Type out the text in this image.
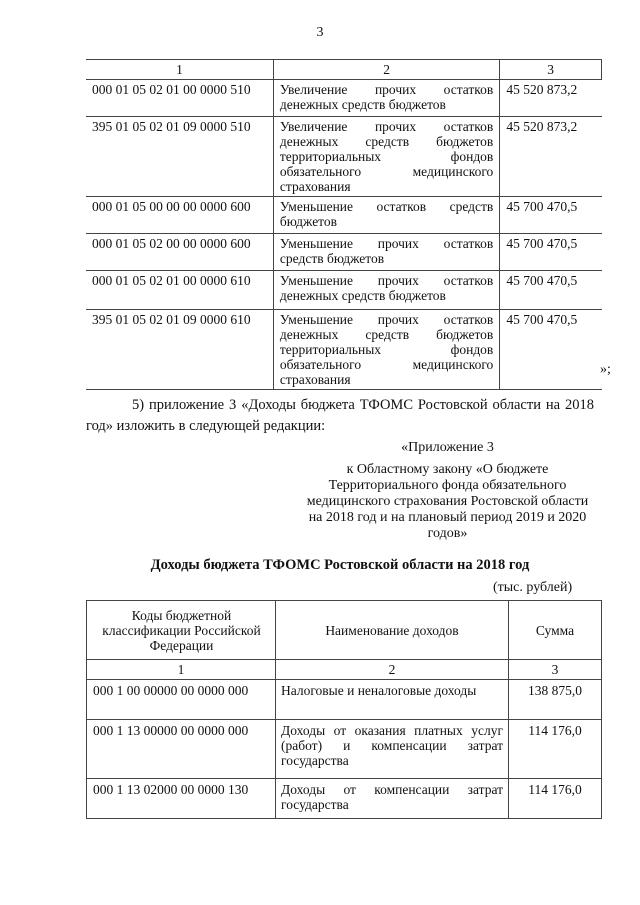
3
1	2	3
000 01 05 02 01 00 0000 510	Увеличение прочих остатков денежных средств бюджетов	45 520 873,2
395 01 05 02 01 09 0000 510	Увеличение прочих остатков денежных средств бюджетов территориальных фондов обязательного медицинского страхования	45 520 873,2
000 01 05 00 00 00 0000 600	Уменьшение остатков средств бюджетов	45 700 470,5
000 01 05 02 00 00 0000 600	Уменьшение прочих остатков средств бюджетов	45 700 470,5
000 01 05 02 01 00 0000 610	Уменьшение прочих остатков денежных средств бюджетов	45 700 470,5
395 01 05 02 01 09 0000 610	Уменьшение прочих остатков денежных средств бюджетов территориальных фондов обязательного медицинского страхования	45 700 470,5
»;
5) приложение 3 «Доходы бюджета ТФОМС Ростовской области на 2018 год» изложить в следующей редакции:
«Приложение 3
к Областному закону «О бюджете Территориального фонда обязательного медицинского страхования Ростовской области на 2018 год и на плановый период 2019 и 2020 годов»
Доходы бюджета ТФОМС Ростовской области на 2018 год
(тыс. рублей)
Коды бюджетной классификации Российской Федерации	Наименование доходов	Сумма
1	2	3
000 1 00 00000 00 0000 000	Налоговые и неналоговые доходы	138 875,0
000 1 13 00000 00 0000 000	Доходы от оказания платных услуг (работ) и компенсации затрат государства	114 176,0
000 1 13 02000 00 0000 130	Доходы от компенсации затрат государства	114 176,0
